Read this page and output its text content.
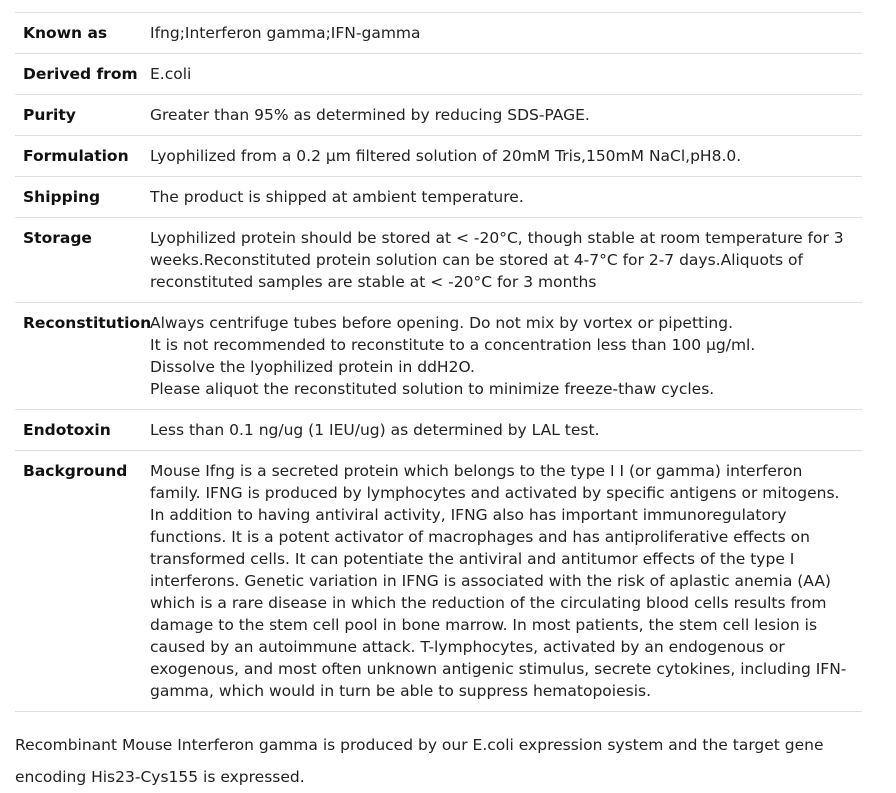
Known as	Ifng;Interferon gamma;IFN-gamma
Derived from	E.coli
Purity	Greater than 95% as determined by reducing SDS-PAGE.
Formulation	Lyophilized from a 0.2 μm filtered solution of 20mM Tris,150mM NaCl,pH8.0.
Shipping	The product is shipped at ambient temperature.
Storage	Lyophilized protein should be stored at < -20°C, though stable at room temperature for 3 weeks.Reconstituted protein solution can be stored at 4-7°C for 2-7 days.Aliquots of reconstituted samples are stable at < -20°C for 3 months
Reconstitution	Always centrifuge tubes before opening. Do not mix by vortex or pipetting.
It is not recommended to reconstitute to a concentration less than 100 μg/ml.
Dissolve the lyophilized protein in ddH2O.
Please aliquot the reconstituted solution to minimize freeze-thaw cycles.

Endotoxin	Less than 0.1 ng/ug (1 IEU/ug) as determined by LAL test.
Background	Mouse Ifng is a secreted protein which belongs to the type I I (or gamma) interferon family. IFNG is produced by lymphocytes and activated by specific antigens or mitogens. In addition to having antiviral activity, IFNG also has important immunoregulatory functions. It is a potent activator of macrophages and has antiproliferative effects on transformed cells. It can potentiate the antiviral and antitumor effects of the type I interferons. Genetic variation in IFNG is associated with the risk of aplastic anemia (AA) which is a rare disease in which the reduction of the circulating blood cells results from damage to the stem cell pool in bone marrow. In most patients, the stem cell lesion is caused by an autoimmune attack. T-lymphocytes, activated by an endogenous or exogenous, and most often unknown antigenic stimulus, secrete cytokines, including IFN-gamma, which would in turn be able to suppress hematopoiesis.

Recombinant Mouse Interferon gamma is produced by our E.coli expression system and the target gene encoding His23-Cys155 is expressed.
